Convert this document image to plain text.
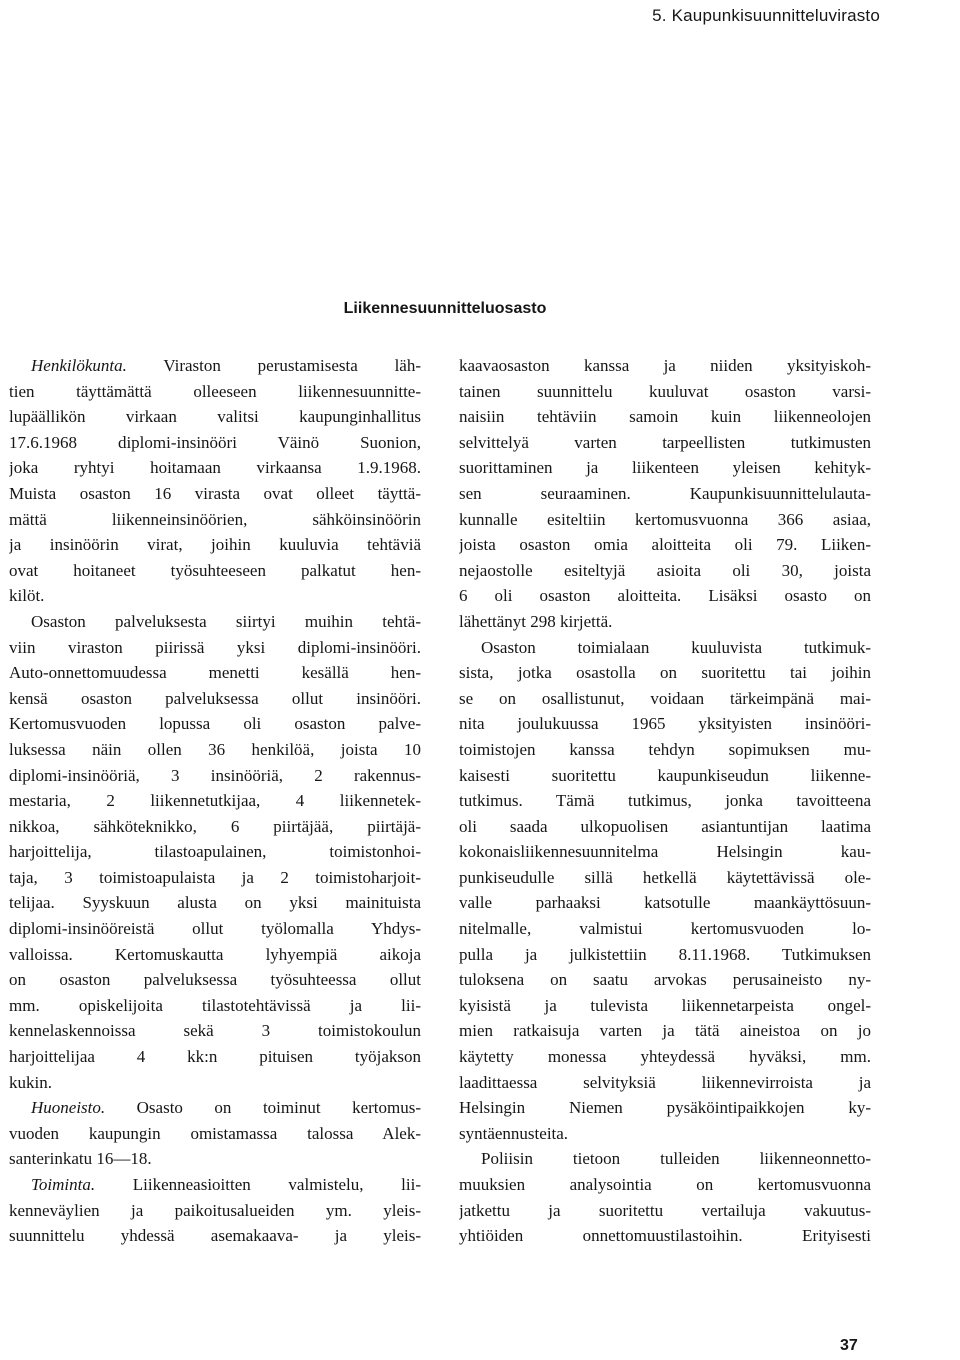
5. Kaupunkisuunnitteluvirasto
Liikennesuunnitteluosasto
Henkilökunta. Viraston perustamisesta läh-
tien täyttämättä olleeseen liikennesuunnitte-
lupäällikön virkaan valitsi kaupunginhallitus
17.6.1968 diplomi-insinööri Väinö Suonion,
joka ryhtyi hoitamaan virkaansa 1.9.1968.
Muista osaston 16 virasta ovat olleet täyttä-
mättä liikenneinsinöörien, sähköinsinöörin
ja insinöörin virat, joihin kuuluvia tehtäviä
ovat hoitaneet työsuhteeseen palkatut hen-
kilöt.
Osaston palveluksesta siirtyi muihin tehtä-
viin viraston piirissä yksi diplomi-insinööri.
Auto-onnettomuudessa menetti kesällä hen-
kensä osaston palveluksessa ollut insinööri.
Kertomusvuoden lopussa oli osaston palve-
luksessa näin ollen 36 henkilöä, joista 10
diplomi-insinööriä, 3 insinööriä, 2 rakennus-
mestaria, 2 liikennetutkijaa, 4 liikennetek-
nikkoa, sähköteknikko, 6 piirtäjää, piirtäjä-
harjoittelija, tilastoapulainen, toimistonhoi-
taja, 3 toimistoapulaista ja 2 toimistoharjoit-
telijaa. Syyskuun alusta on yksi mainituista
diplomi-insinööreistä ollut työlomalla Yhdys-
valloissa. Kertomuskautta lyhyempiä aikoja
on osaston palveluksessa työsuhteessa ollut
mm. opiskelijoita tilastotehtävissä ja lii-
kennelaskennoissa sekä 3 toimistokoulun
harjoittelijaa 4 kk:n pituisen työjakson
kukin.
Huoneisto. Osasto on toiminut kertomus-
vuoden kaupungin omistamassa talossa Alek-
santerinkatu 16—18.
Toiminta. Liikenneasioitten valmistelu, lii-
kenneväylien ja paikoitusalueiden ym. yleis-
suunnittelu yhdessä asemakaava- ja yleis-
kaavaosaston kanssa ja niiden yksityiskoh-
tainen suunnittelu kuuluvat osaston varsi-
naisiin tehtäviin samoin kuin liikenneolojen
selvittelyä varten tarpeellisten tutkimusten
suorittaminen ja liikenteen yleisen kehityk-
sen seuraaminen. Kaupunkisuunnittelulauta-
kunnalle esiteltiin kertomusvuonna 366 asiaa,
joista osaston omia aloitteita oli 79. Liiken-
nejaostolle esiteltyjä asioita oli 30, joista
6 oli osaston aloitteita. Lisäksi osasto on
lähettänyt 298 kirjettä.
Osaston toimialaan kuuluvista tutkimuk-
sista, jotka osastolla on suoritettu tai joihin
se on osallistunut, voidaan tärkeimpänä mai-
nita joulukuussa 1965 yksityisten insinööri-
toimistojen kanssa tehdyn sopimuksen mu-
kaisesti suoritettu kaupunkiseudun liikenne-
tutkimus. Tämä tutkimus, jonka tavoitteena
oli saada ulkopuolisen asiantuntijan laatima
kokonaisliikennesuunnitelma Helsingin kau-
punkiseudulle sillä hetkellä käytettävissä ole-
valle parhaaksi katsotulle maankäyttösuun-
nitelmalle, valmistui kertomusvuoden lo-
pulla ja julkistettiin 8.11.1968. Tutkimuksen
tuloksena on saatu arvokas perusaineisto ny-
kyisistä ja tulevista liikennetarpeista ongel-
mien ratkaisuja varten ja tätä aineistoa on jo
käytetty monessa yhteydessä hyväksi, mm.
laadittaessa selvityksiä liikennevirroista ja
Helsingin Niemen pysäköintipaikkojen ky-
syntäennusteita.
Poliisin tietoon tulleiden liikenneonnetto-
muuksien analysointia on kertomusvuonna
jatkettu ja suoritettu vertailuja vakuutus-
yhtiöiden onnettomuustilastoihin. Erityisesti
37
